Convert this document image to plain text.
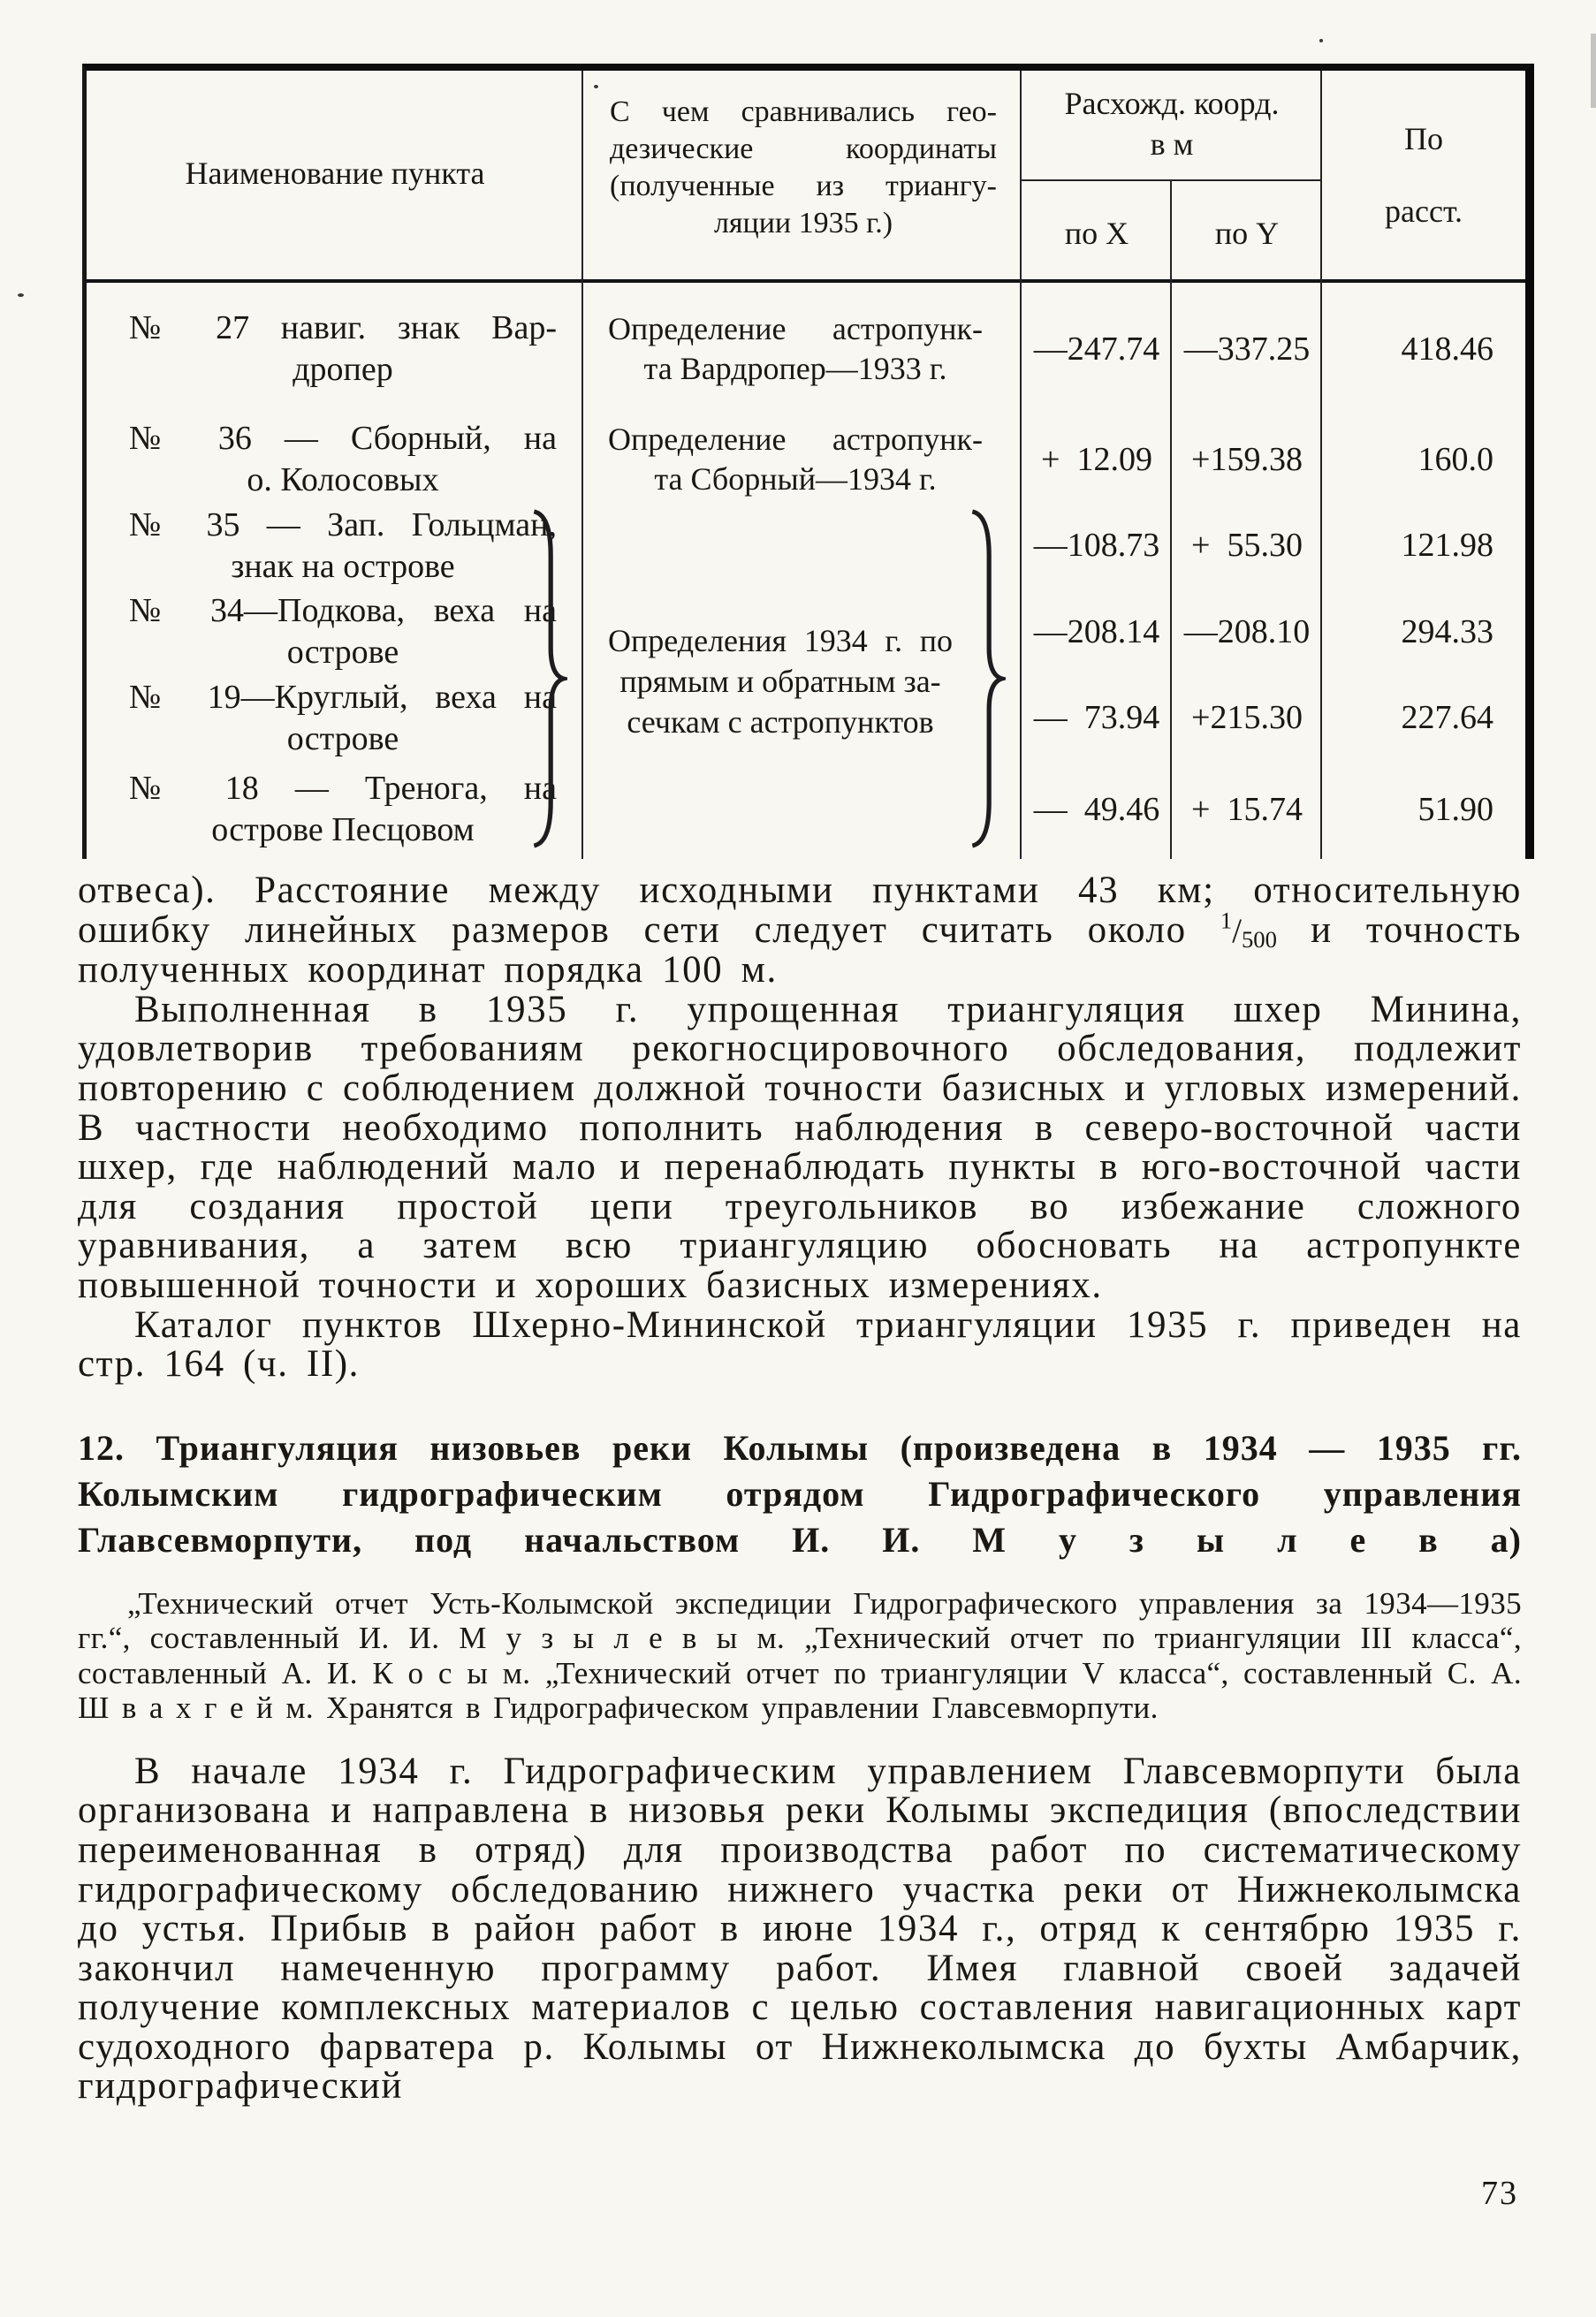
Наименование пункта
С чем сравнивались гео-
дезические координаты
(полученные из триангу-
ляции 1935 г.)
Расхожд. коорд.
в м
по X	по Y
По
расст.
№ 27 навиг. знак Вар-
дропер
Определение астропунк-
та Вардропер—1933 г.
—247.74 —337.25	418.46
№ 36 — Сборный, на
о. Колосовых
Определение астропунк-
та Сборный—1934 г.
+  12.09	+159.38	160.0
№ 35 — Зап. Гольцман,
знак на острове
—108.73 +  55.30	121.98
№ 34—Подкова, веха на
острове
—208.14 —208.10	294.33
№ 19—Круглый, веха на
острове
—  73.94 +215.30	227.64
№ 18 — Тренога, на
острове Песцовом
—  49.46 +  15.74	51.90
Определения 1934 г. по
прямым и обратным за-
сечкам с астропунктов

отвеса). Расстояние между исходными пунктами 43 км; относительную ошибку линейных размеров сети следует считать около $^1/_{500}$ и точность полученных координат порядка 100 м.

Выполненная в 1935 г. упрощенная триангуляция шхер Минина, удовлетворив требованиям рекогносцировочного обследования, подлежит повторению с соблюдением должной точности базисных и угловых измерений. В частности необходимо пополнить наблюдения в северо-восточной части шхер, где наблюдений мало и перенаблюдать пункты в юго-восточной части для создания простой цепи треугольников во избежание сложного уравнивания, а затем всю триангуляцию обосновать на астропункте повышенной точности и хороших базисных измерениях.

Каталог пунктов Шхерно-Мининской триангуляции 1935 г. приведен на стр. 164 (ч. II).

12. Триангуляция низовьев реки Колымы (произведена в 1934 — 1935 гг. Колымским гидрографическим отрядом Гидрографического управления Главсевморпути, под начальством И. И. М у з ы л е в а)

„Технический отчет Усть-Колымской экспедиции Гидрографического управления за 1934—1935 гг.“, составленный И. И. М у з ы л е в ы м. „Технический отчет по триангуляции III класса“, составленный А. И. К о с ы м. „Технический отчет по триангуляции V класса“, составленный С. А. Ш в а х г е й м. Хранятся в Гидрографическом управлении Главсевморпути.

В начале 1934 г. Гидрографическим управлением Главсевморпути была организована и направлена в низовья реки Колымы экспедиция (впоследствии переименованная в отряд) для производства работ по систематическому гидрографическому обследованию нижнего участка реки от Нижнеколымска до устья. Прибыв в район работ в июне 1934 г., отряд к сентябрю 1935 г. закончил намеченную программу работ. Имея главной своей задачей получение комплексных материалов с целью составления навигационных карт судоходного фарватера р. Колымы от Нижнеколымска до бухты Амбарчик, гидрографический

73
